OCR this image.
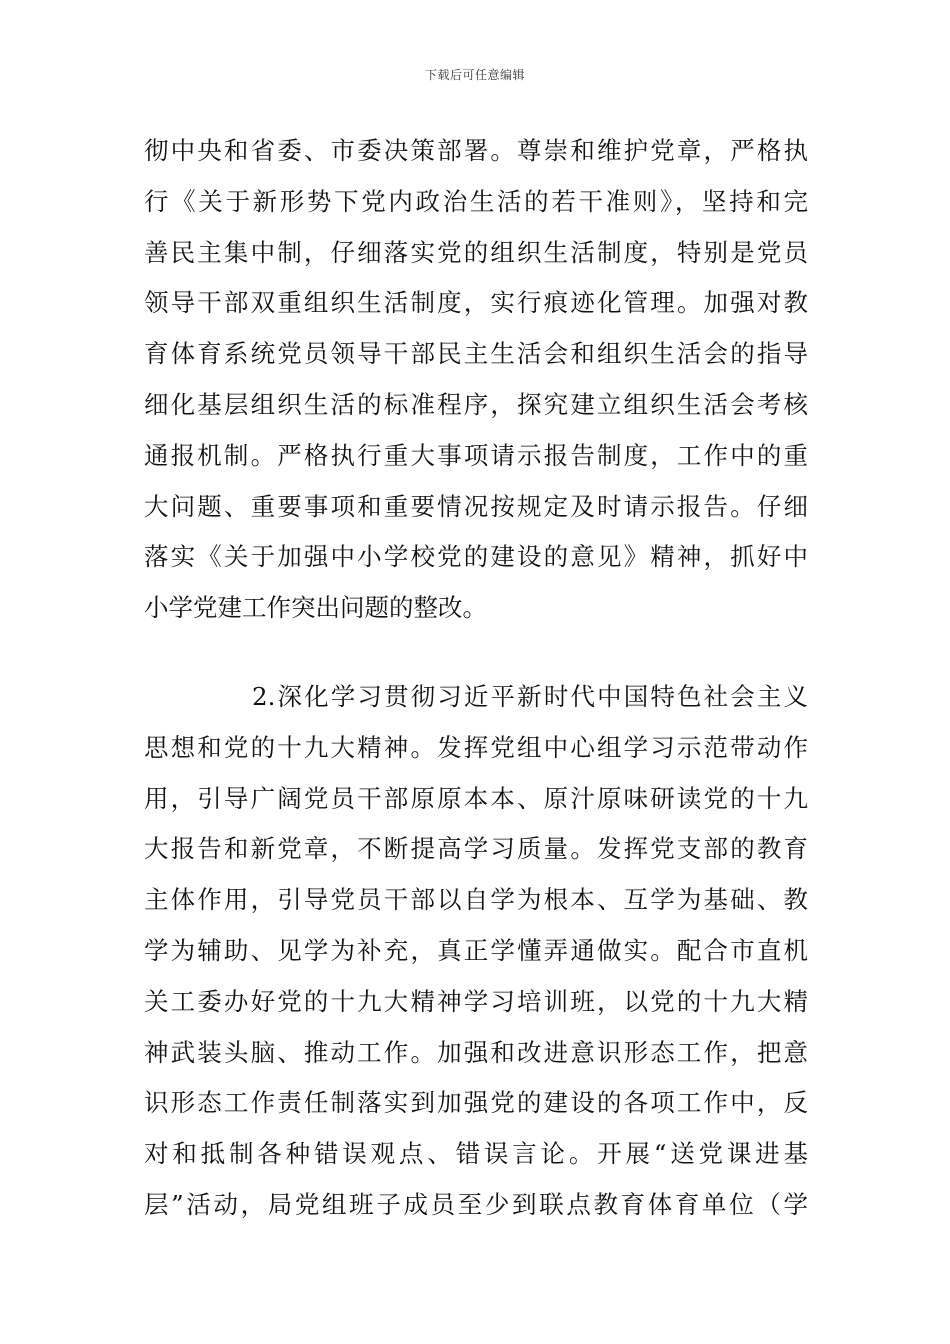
下载后可任意编辑
彻中央和省委、市委决策部署。尊崇和维护党章，严格执
行《关于新形势下党内政治生活的若干准则》，坚持和完
善民主集中制，仔细落实党的组织生活制度，特别是党员
领导干部双重组织生活制度，实行痕迹化管理。加强对教
育体育系统党员领导干部民主生活会和组织生活会的指导
细化基层组织生活的标准程序，探究建立组织生活会考核
通报机制。严格执行重大事项请示报告制度，工作中的重
大问题、重要事项和重要情况按规定及时请示报告。仔细
落实《关于加强中小学校党的建设的意见》精神，抓好中
小学党建工作突出问题的整改。
2.深化学习贯彻习近平新时代中国特色社会主义
思想和党的十九大精神。发挥党组中心组学习示范带动作
用，引导广阔党员干部原原本本、原汁原味研读党的十九
大报告和新党章，不断提高学习质量。发挥党支部的教育
主体作用，引导党员干部以自学为根本、互学为基础、教
学为辅助、见学为补充，真正学懂弄通做实。配合市直机
关工委办好党的十九大精神学习培训班，以党的十九大精
神武装头脑、推动工作。加强和改进意识形态工作，把意
识形态工作责任制落实到加强党的建设的各项工作中，反
对和抵制各种错误观点、错误言论。开展“送党课进基
层”活动，局党组班子成员至少到联点教育体育单位（学
